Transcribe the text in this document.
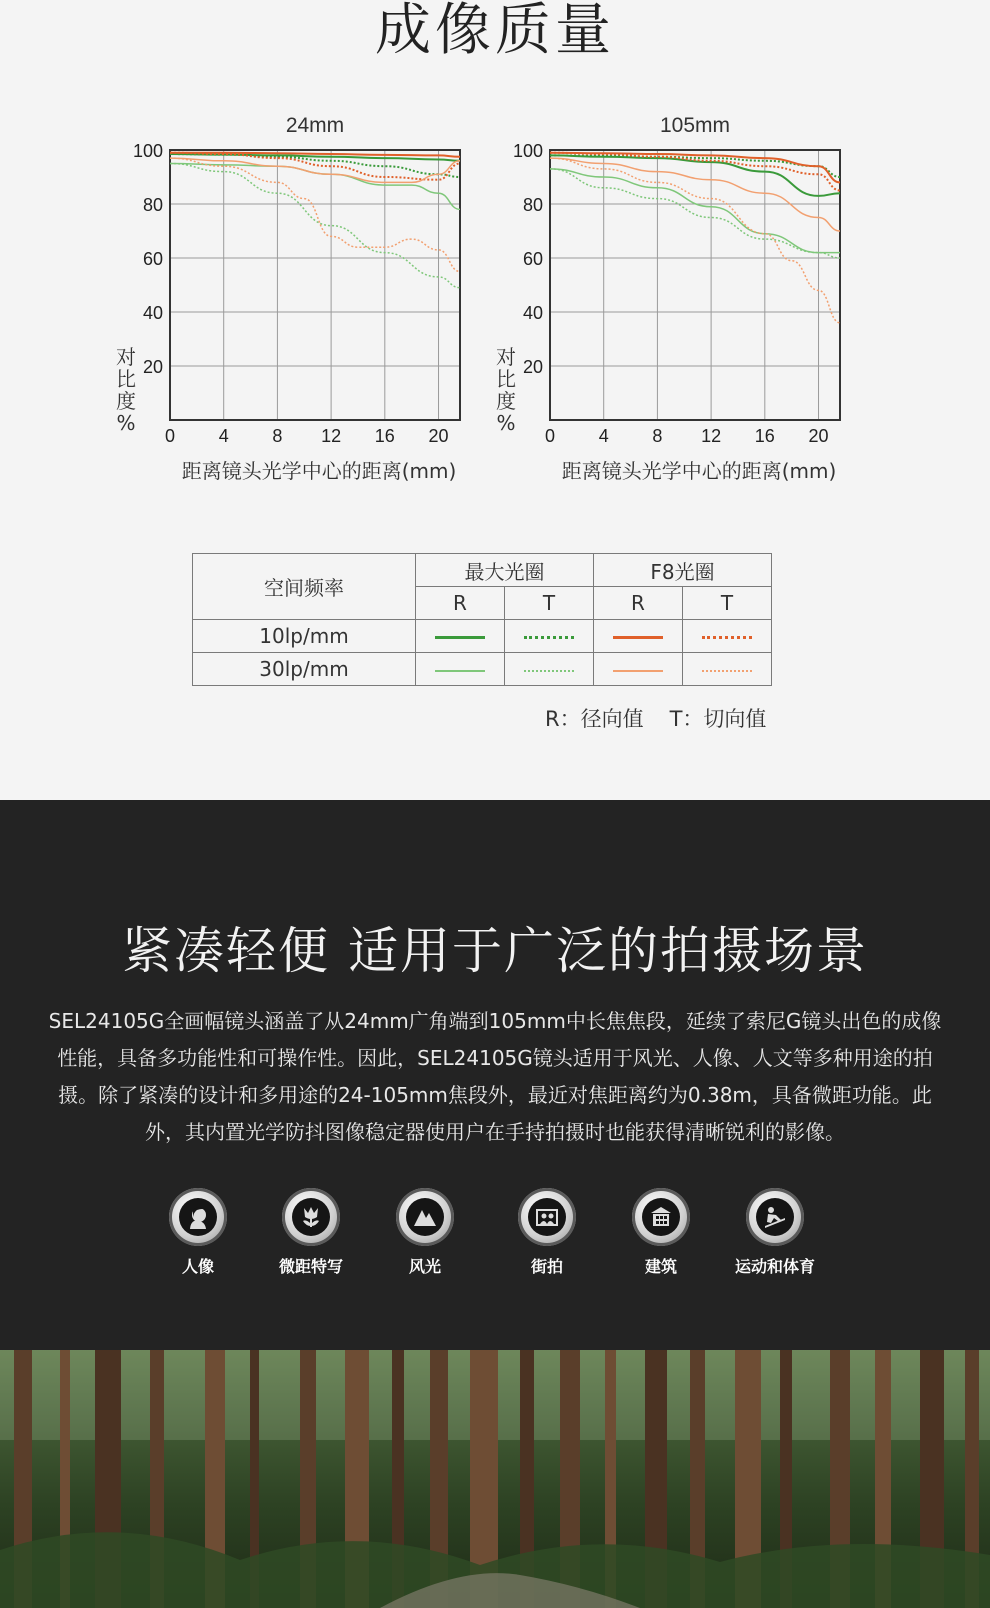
成像质量
24mm
100
80
60
40
20
0 4 8 12 16 20
对比度%
距离镜头光学中心的距离(mm)
105mm
100
80
60
40
20
0 4 8 12 16 20
对比度%
距离镜头光学中心的距离(mm)
空间频率	最大光圈		F8光圈	
	R	T	R	T
10lp/mm				
30lp/mm				
R：径向值 T：切向值
紧凑轻便 适用于广泛的拍摄场景
SEL24105G全画幅镜头涵盖了从24mm广角端到105mm中长焦焦段，延续了索尼G镜头出色的成像性能，具备多功能性和可操作性。因此，SEL24105G镜头适用于风光、人像、人文等多种用途的拍摄。除了紧凑的设计和多用途的24-105mm焦段外，最近对焦距离约为0.38m，具备微距功能。此外，其内置光学防抖图像稳定器使用户在手持拍摄时也能获得清晰锐利的影像。
人像	微距特写	风光	街拍	建筑	运动和体育
